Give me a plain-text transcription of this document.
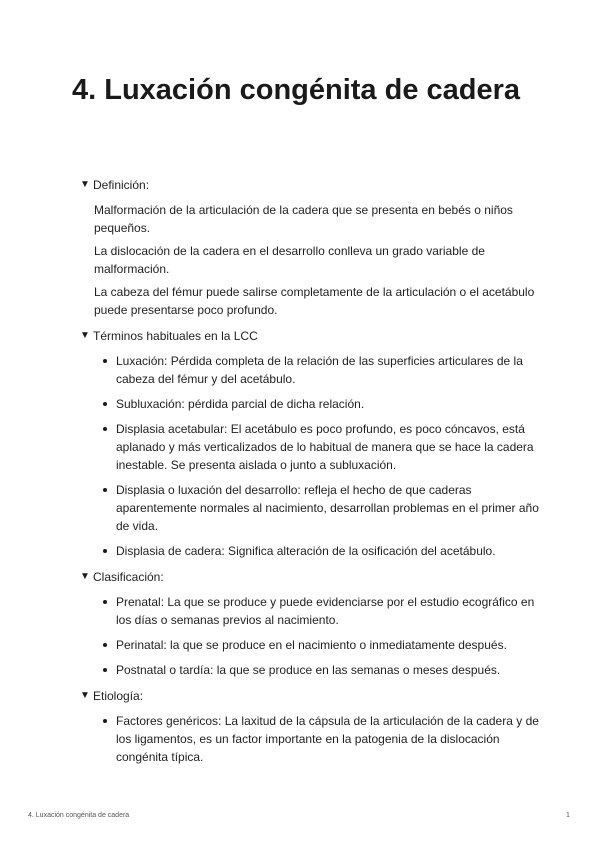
4. Luxación congénita de cadera
▼ Definición:

Malformación de la articulación de la cadera que se presenta en bebés o niños pequeños.

La dislocación de la cadera en el desarrollo conlleva un grado variable de malformación.

La cabeza del fémur puede salirse completamente de la articulación o el acetábulo puede presentarse poco profundo.

▼ Términos habituales en la LCC
Luxación: Pérdida completa de la relación de las superficies articulares de la cabeza del fémur y del acetábulo.
Subluxación: pérdida parcial de dicha relación.
Displasia acetabular: El acetábulo es poco profundo, es poco cóncavos, está aplanado y más verticalizados de lo habitual de manera que se hace la cadera inestable. Se presenta aislada o junto a subluxación.
Displasia o luxación del desarrollo: refleja el hecho de que caderas aparentemente normales al nacimiento, desarrollan problemas en el primer año de vida.
Displasia de cadera: Significa alteración de la osificación del acetábulo.
▼ Clasificación:
Prenatal: La que se produce y puede evidenciarse por el estudio ecográfico en los días o semanas previos al nacimiento.
Perinatal: la que se produce en el nacimiento o inmediatamente después.
Postnatal o tardía: la que se produce en las semanas o meses después.
▼ Etiología:
Factores genéricos: La laxitud de la cápsula de la articulación de la cadera y de los ligamentos, es un factor importante en la patogenia de la dislocación congénita típica.
4. Luxación congénita de cadera	1
